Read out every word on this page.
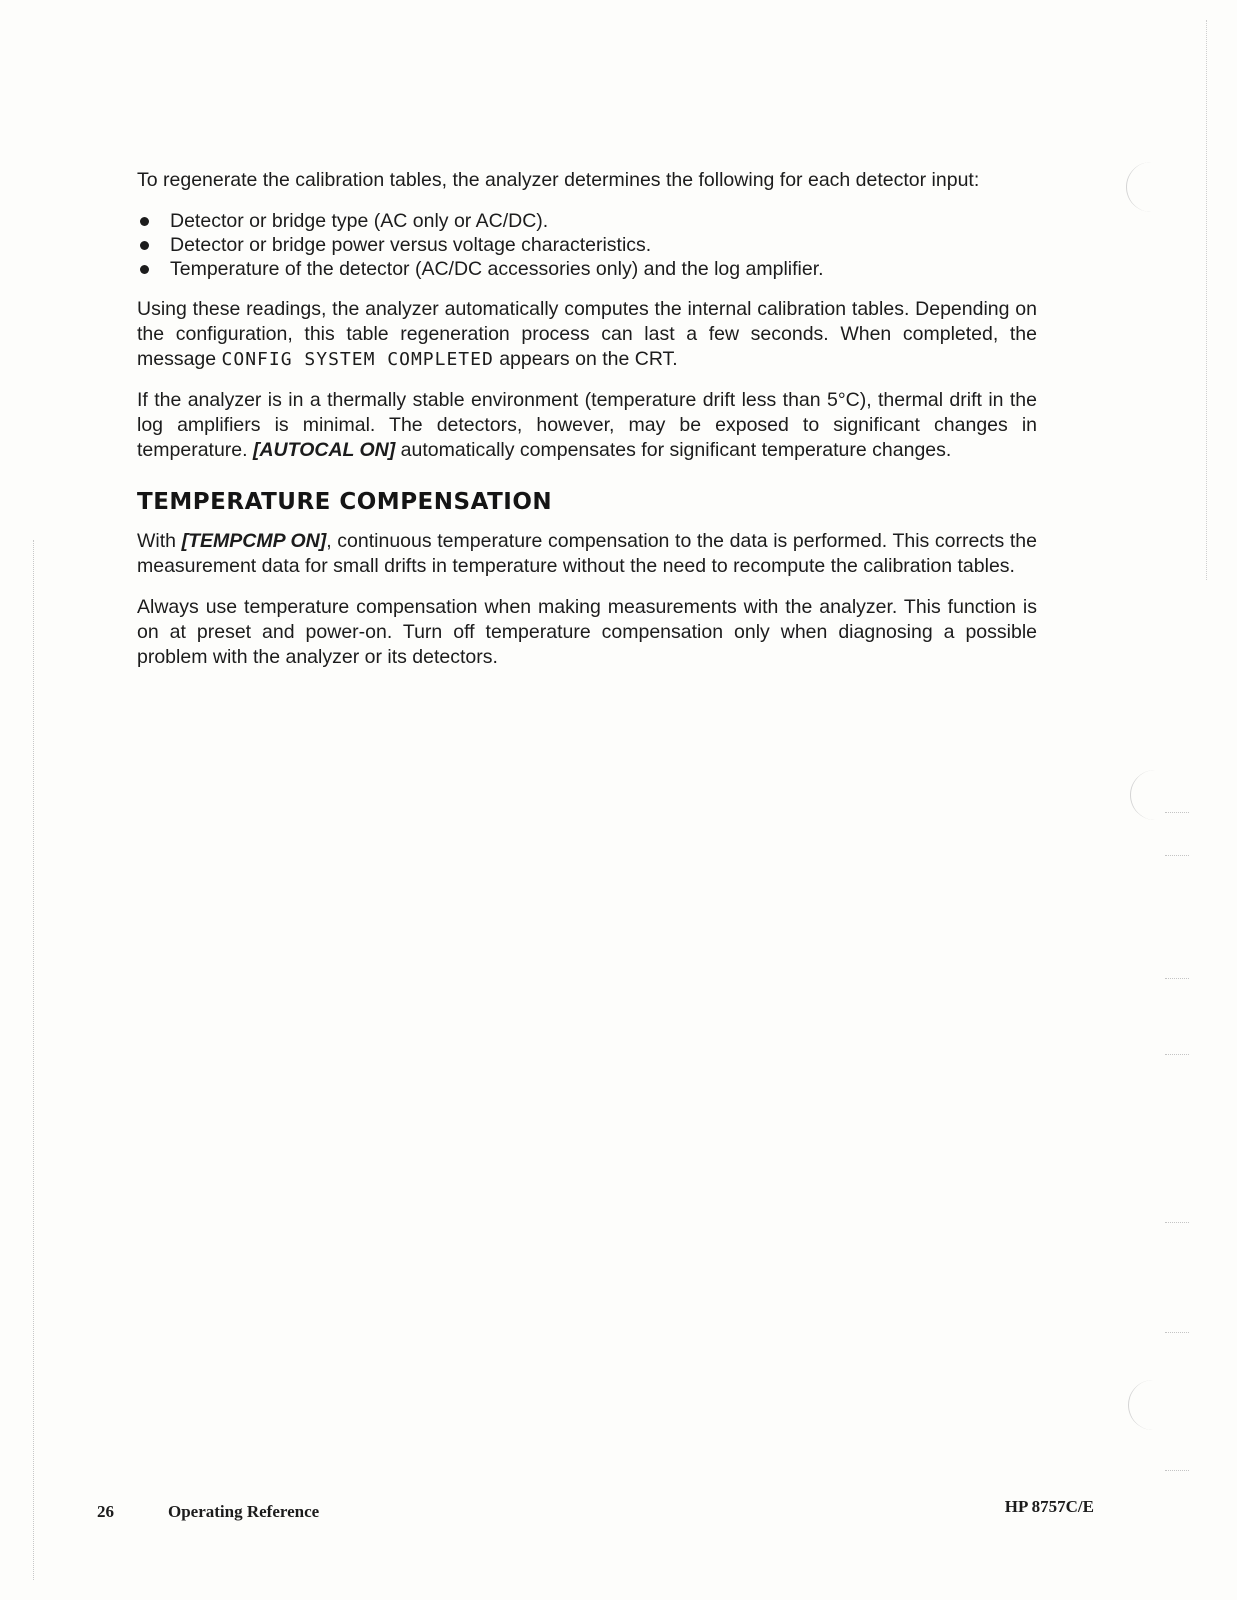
To regenerate the calibration tables, the analyzer determines the following for each detector input:

Detector or bridge type (AC only or AC/DC).
Detector or bridge power versus voltage characteristics.
Temperature of the detector (AC/DC accessories only) and the log amplifier.

Using these readings, the analyzer automatically computes the internal calibration tables. Depending on the configuration, this table regeneration process can last a few seconds. When completed, the message CONFIG SYSTEM COMPLETED appears on the CRT.

If the analyzer is in a thermally stable environment (temperature drift less than 5°C), thermal drift in the log amplifiers is minimal. The detectors, however, may be exposed to significant changes in temperature. [AUTOCAL ON] automatically compensates for significant temperature changes.

TEMPERATURE COMPENSATION

With [TEMPCMP ON], continuous temperature compensation to the data is performed. This corrects the measurement data for small drifts in temperature without the need to recompute the calibration tables.

Always use temperature compensation when making measurements with the analyzer. This function is on at preset and power-on. Turn off temperature compensation only when diagnosing a possible problem with the analyzer or its detectors.

26	Operating Reference	HP 8757C/E
